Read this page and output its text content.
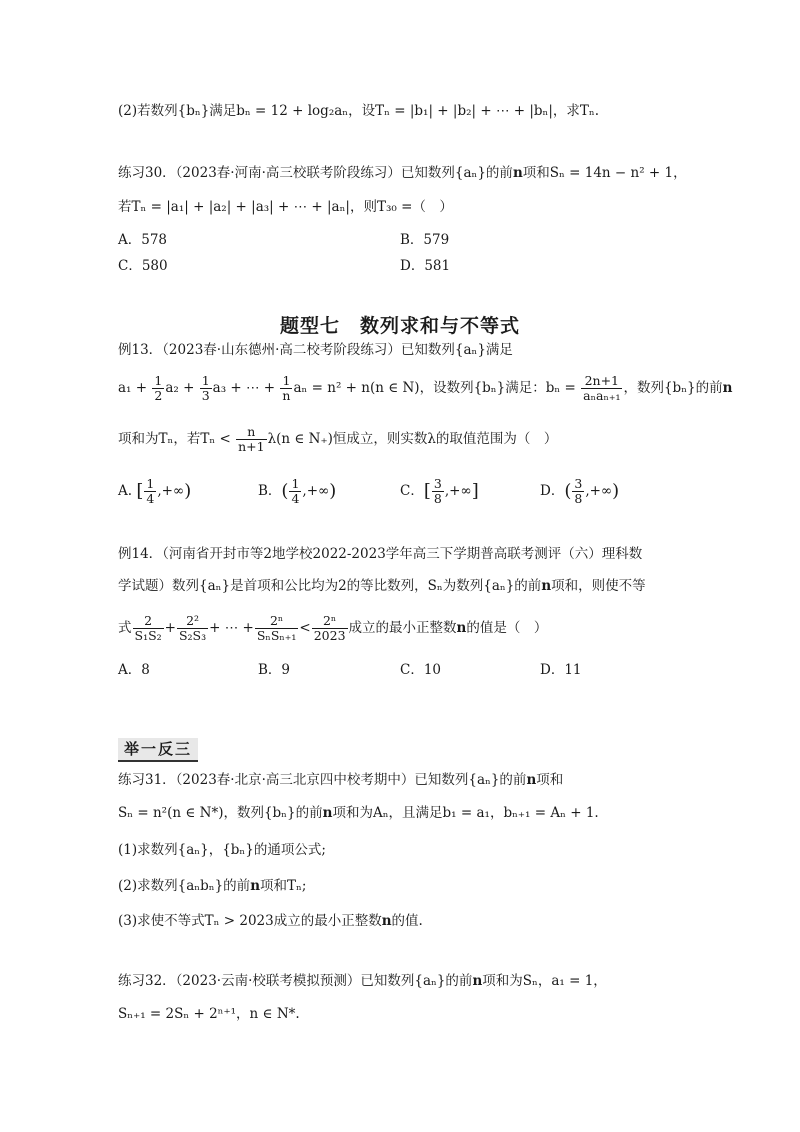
(2)若数列{bₙ}满足bₙ = 12 + log₂aₙ，设Tₙ = |b₁| + |b₂| + ⋯ + |bₙ|，求Tₙ.
练习30．（2023春·河南·高三校联考阶段练习）已知数列{aₙ}的前n项和Sₙ = 14n − n² + 1，
若Tₙ = |a₁| + |a₂| + |a₃| + ⋯ + |aₙ|，则T₃₀ =（　）
A．578	B．579
C．580	D．581
题型七　数列求和与不等式
例13．（2023春·山东德州·高二校考阶段练习）已知数列{aₙ}满足
$a_1 + \frac{1}{2} a_2 + \frac{1}{3} a_3$ + ⋯ + $\frac{1}{n}$ aₙ = n² + n(n ∈ N)，设数列{bₙ}满足：$b_n = \frac{2n+1}{\text{aₙaₙ₊₁}}$ ，数列{bₙ}的前n
项和为Tₙ，若$T_n < \frac{n}{n+1} \lambda(n$ ∈ N₊)恒成立，则实数λ的取值范围为（　）
A. [ $\frac{1}{4}$ ,+∞)	B．( $\frac{1}{4}$ ,+∞)	C．[ $\frac{3}{8}$ ,+∞]	D．( $\frac{3}{8}$ ,+∞)
例14．（河南省开封市等2地学校2022-2023学年高三下学期普高联考测评（六）理科数
学试题）数列{aₙ}是首项和公比均为2的等比数列，Sₙ为数列{aₙ}的前n项和，则使不等
式 $\frac{2}{\text{S₁S₂}} + \frac{\text{2²}}{\text{S₂S₃}}$ + ⋯ + $\frac{\text{2ⁿ}}{\text{SₙSₙ₊₁}} < \frac{\text{2ⁿ}}{2023}$ 成立的最小正整数n的值是（　）
A．8	B．9	C．10	D．11
举一反三
练习31．（2023春·北京·高三北京四中校考期中）已知数列{aₙ}的前n项和
Sₙ = n²(n ∈ N*)，数列{bₙ}的前n项和为Aₙ，且满足b₁ = a₁，bₙ₊₁ = Aₙ + 1.
(1)求数列{aₙ}，{bₙ}的通项公式;
(2)求数列{aₙbₙ}的前n项和Tₙ;
(3)求使不等式Tₙ > 2023成立的最小正整数n的值.
练习32．（2023·云南·校联考模拟预测）已知数列{aₙ}的前n项和为Sₙ，a₁ = 1，
Sₙ₊₁ = 2Sₙ + 2ⁿ⁺¹，n ∈ N*.
